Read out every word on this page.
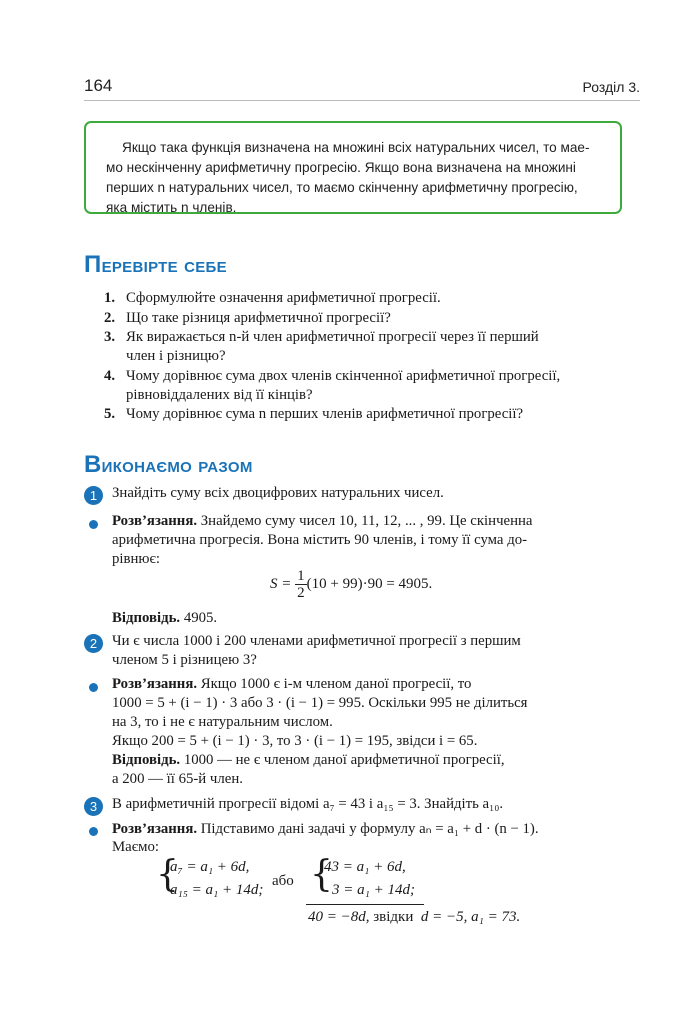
164	Розділ 3.
Якщо така функція визначена на множині всіх натуральних чисел, то мае-
мо нескінченну арифметичну прогресію. Якщо вона визначена на множині
перших n натуральних чисел, то маємо скінченну арифметичну прогресію,
яка містить n членів.
Перевірте себе
1. Сформулюйте означення арифметичної прогресії.
2. Що таке різниця арифметичної прогресії?
3. Як виражається n-й член арифметичної прогресії через її перший
член і різницю?
4. Чому дорівнює сума двох членів скінченної арифметичної прогресії,
рівновіддалених від її кінців?
5. Чому дорівнює сума n перших членів арифметичної прогресії?
Виконаємо разом
1	Знайдіть суму всіх двоцифрових натуральних чисел.
Розв’язання. Знайдемо суму чисел 10, 11, 12, ... , 99. Це скінченна
арифметична прогресія. Вона містить 90 членів, і тому її сума до-
рівнює:
$S = \frac{1}{2} (10 + 99)\cdot 90 = 4905$.
Відповідь. 4905.
2	Чи є числа 1000 і 200 членами арифметичної прогресії з першим
членом 5 і різницею 3?
Розв’язання. Якщо 1000 є i-м членом даної прогресії, то
1000 = 5 + (i − 1) · 3 або 3 · (i − 1) = 995. Оскільки 995 не ділиться
на 3, то i не є натуральним числом.
Якщо 200 = 5 + (i − 1) · 3, то 3 · (i − 1) = 195, звідси i = 65.
Відповідь. 1000 — не є членом даної арифметичної прогресії,
а 200 — її 65-й член.
3	В арифметичній прогресії відомі a₇ = 43 і a₁₅ = 3. Знайдіть a₁₀.
Розв’язання. Підставимо дані задачі у формулу aₙ = a₁ + d · (n − 1).
Маємо:
{
a₇ = a₁ + 6d,
a₁₅ = a₁ + 14d;
або {
43 = a₁ + 6d,
3 = a₁ + 14d;
40 = −8d, звідки d = −5, a₁ = 73.
